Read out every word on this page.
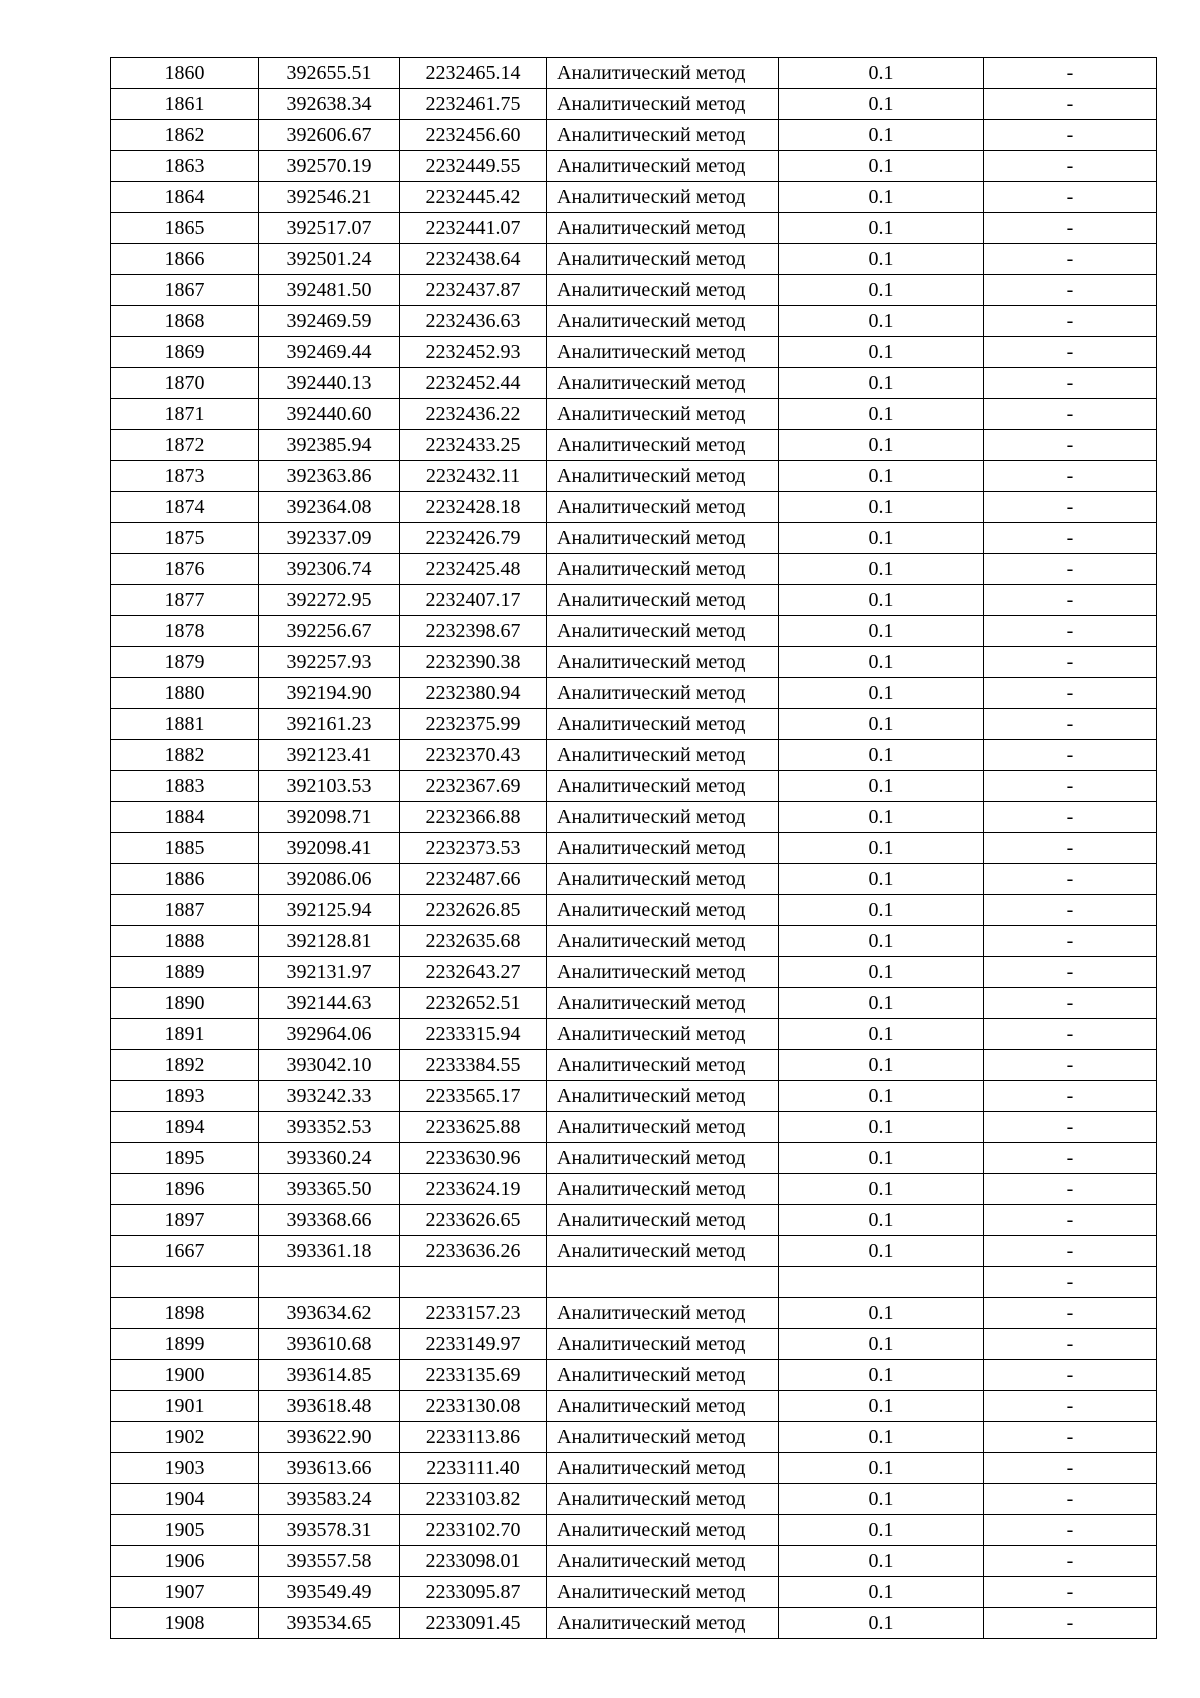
1860	392655.51	2232465.14	Аналитический метод	0.1	-
1861	392638.34	2232461.75	Аналитический метод	0.1	-
1862	392606.67	2232456.60	Аналитический метод	0.1	-
1863	392570.19	2232449.55	Аналитический метод	0.1	-
1864	392546.21	2232445.42	Аналитический метод	0.1	-
1865	392517.07	2232441.07	Аналитический метод	0.1	-
1866	392501.24	2232438.64	Аналитический метод	0.1	-
1867	392481.50	2232437.87	Аналитический метод	0.1	-
1868	392469.59	2232436.63	Аналитический метод	0.1	-
1869	392469.44	2232452.93	Аналитический метод	0.1	-
1870	392440.13	2232452.44	Аналитический метод	0.1	-
1871	392440.60	2232436.22	Аналитический метод	0.1	-
1872	392385.94	2232433.25	Аналитический метод	0.1	-
1873	392363.86	2232432.11	Аналитический метод	0.1	-
1874	392364.08	2232428.18	Аналитический метод	0.1	-
1875	392337.09	2232426.79	Аналитический метод	0.1	-
1876	392306.74	2232425.48	Аналитический метод	0.1	-
1877	392272.95	2232407.17	Аналитический метод	0.1	-
1878	392256.67	2232398.67	Аналитический метод	0.1	-
1879	392257.93	2232390.38	Аналитический метод	0.1	-
1880	392194.90	2232380.94	Аналитический метод	0.1	-
1881	392161.23	2232375.99	Аналитический метод	0.1	-
1882	392123.41	2232370.43	Аналитический метод	0.1	-
1883	392103.53	2232367.69	Аналитический метод	0.1	-
1884	392098.71	2232366.88	Аналитический метод	0.1	-
1885	392098.41	2232373.53	Аналитический метод	0.1	-
1886	392086.06	2232487.66	Аналитический метод	0.1	-
1887	392125.94	2232626.85	Аналитический метод	0.1	-
1888	392128.81	2232635.68	Аналитический метод	0.1	-
1889	392131.97	2232643.27	Аналитический метод	0.1	-
1890	392144.63	2232652.51	Аналитический метод	0.1	-
1891	392964.06	2233315.94	Аналитический метод	0.1	-
1892	393042.10	2233384.55	Аналитический метод	0.1	-
1893	393242.33	2233565.17	Аналитический метод	0.1	-
1894	393352.53	2233625.88	Аналитический метод	0.1	-
1895	393360.24	2233630.96	Аналитический метод	0.1	-
1896	393365.50	2233624.19	Аналитический метод	0.1	-
1897	393368.66	2233626.65	Аналитический метод	0.1	-
1667	393361.18	2233636.26	Аналитический метод	0.1	-
					-
1898	393634.62	2233157.23	Аналитический метод	0.1	-
1899	393610.68	2233149.97	Аналитический метод	0.1	-
1900	393614.85	2233135.69	Аналитический метод	0.1	-
1901	393618.48	2233130.08	Аналитический метод	0.1	-
1902	393622.90	2233113.86	Аналитический метод	0.1	-
1903	393613.66	2233111.40	Аналитический метод	0.1	-
1904	393583.24	2233103.82	Аналитический метод	0.1	-
1905	393578.31	2233102.70	Аналитический метод	0.1	-
1906	393557.58	2233098.01	Аналитический метод	0.1	-
1907	393549.49	2233095.87	Аналитический метод	0.1	-
1908	393534.65	2233091.45	Аналитический метод	0.1	-
